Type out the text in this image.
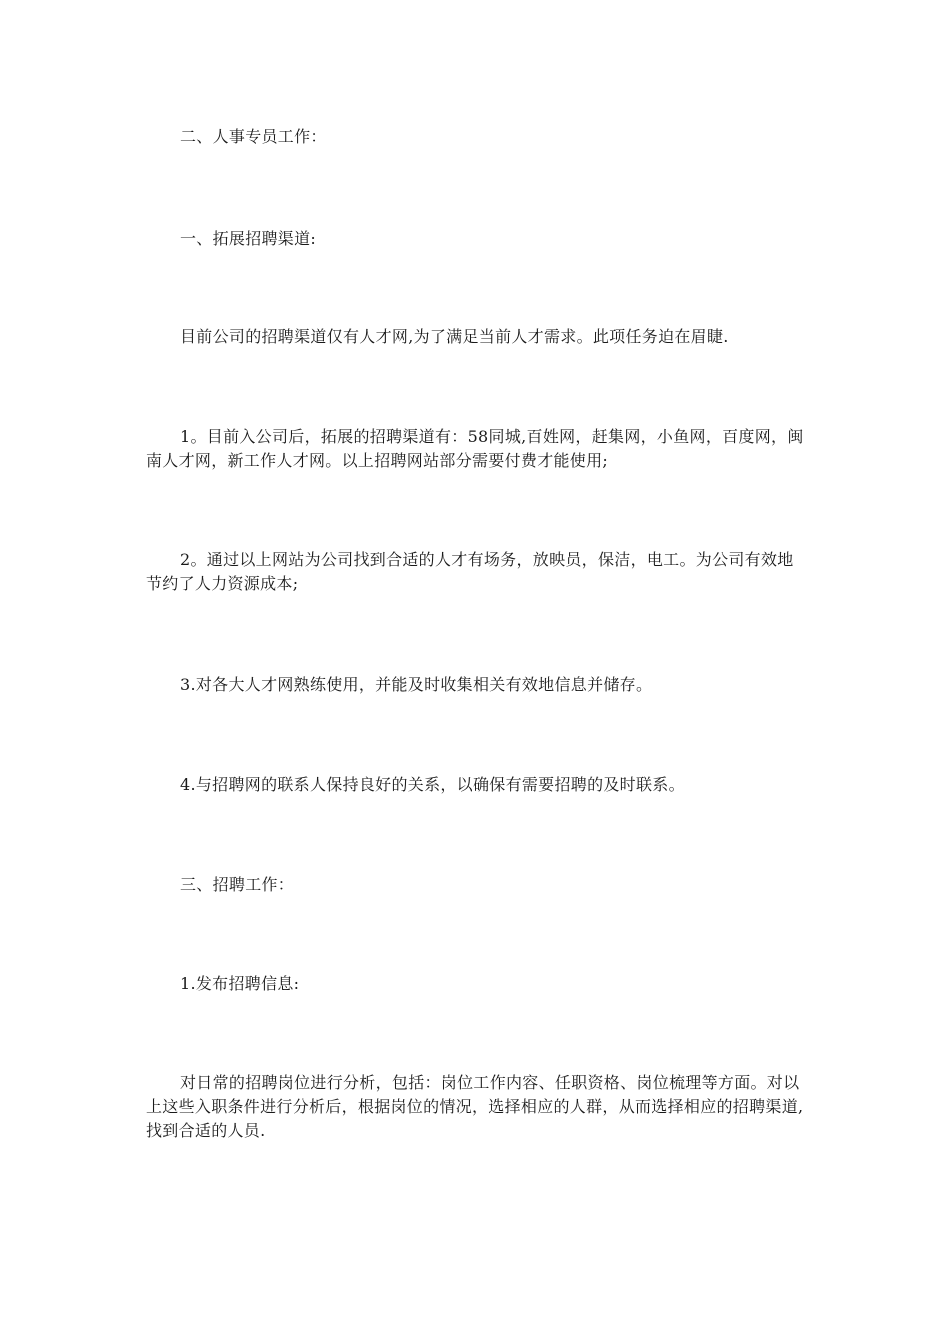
二、人事专员工作：

一、拓展招聘渠道:

目前公司的招聘渠道仅有人才网,为了满足当前人才需求。此项任务迫在眉睫.

1。目前入公司后，拓展的招聘渠道有：58同城,百姓网，赶集网，小鱼网，百度网，闽南人才网，新工作人才网。以上招聘网站部分需要付费才能使用;

2。通过以上网站为公司找到合适的人才有场务，放映员，保洁，电工。为公司有效地节约了人力资源成本;

3.对各大人才网熟练使用，并能及时收集相关有效地信息并储存。

4.与招聘网的联系人保持良好的关系，以确保有需要招聘的及时联系。

三、招聘工作：

1.发布招聘信息:

对日常的招聘岗位进行分析，包括：岗位工作内容、任职资格、岗位梳理等方面。对以上这些入职条件进行分析后，根据岗位的情况，选择相应的人群，从而选择相应的招聘渠道,找到合适的人员.
